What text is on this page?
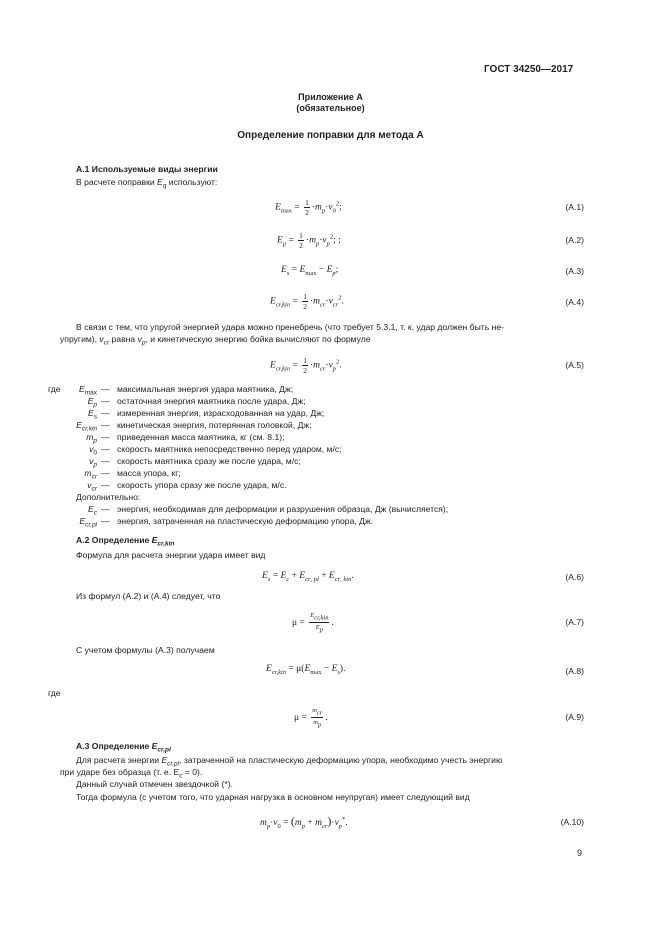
ГОСТ 34250—2017
Приложение А
(обязательное)
Определение поправки для метода А
А.1 Используемые виды энергии
В расчете поправки $E_q$ используют:
$E_{max} = \frac{1}{2} \cdot m_p\cdot v_0^2$;	(А.1)
$E_p = \frac{1}{2} \cdot m_p\cdot v_p^2$; ;	(А.2)
$E_s = E_{max} - E_p$;	(А.3)
$E_{cr,kin} = \frac{1}{2} \cdot m_{cr}\cdot v_{cr}^2$.	(А.4)
В связи с тем, что упругой энергией удара можно пренебречь (что требует 5.3.1, т. к. удар должен быть не-
упругим), $v_{cr}$ равна $v_p$, и кинетическую энергию бойка вычисляют по формуле
$E_{cr,kin} = \frac{1}{2} \cdot m_{cr}\cdot v_p^2$.	(А.5)
где	$E_{max}$ — максимальная энергия удара маятника, Дж;
$E_p$ — остаточная энергия маятника после удара, Дж;
$E_s$ — измеренная энергия, израсходованная на удар, Дж;
$E_{cr,kin}$ — кинетическая энергия, потерянная головкой, Дж;
$m_p$ — приведенная масса маятника, кг (см. 8.1);
$v_0$ — скорость маятника непосредственно перед ударом, м/с;
$v_p$ — скорость маятника сразу же после удара, м/с;
$m_{cr}$ — масса упора, кг;
$v_{cr}$ — скорость упора сразу же после удара, м/с.
Дополнительно:
$E_c$ — энергия, необходимая для деформации и разрушения образца, Дж (вычисляется);
$E_{cr,pl}$ — энергия, затраченная на пластическую деформацию упора, Дж.
А.2 Определение $E_{cr,kin}$
Формула для расчета энергии удара имеет вид
$E_s = E_c + E_{cr, pl} + E_{cr, kin}$.	(А.6)
Из формул (А.2) и (А.4) следует, что
$\mu = \frac{E_{cr,kin}}{E_p}$ .	(А.7)
С учетом формулы (А.3) получаем
$E_{cr,kin} = \mu(E_{max} - E_s)$.	(А.8)
где
$\mu = \frac{m_{cr}}{m_p}$ .	(А.9)
А.3 Определение $E_{cr,pl}$
Для расчета энергии $E_{cr,pl}$, затраченной на пластическую деформацию упора, необходимо учесть энергию
при ударе без образца (т. е. $E_c = 0$).
Данный случай отмечен звездочкой (*).
Тогда формула (с учетом того, что ударная нагрузка в основном неупругая) имеет следующий вид
$m_p\cdot v_0 = (m_p + m_{cr})\cdot v_p^*$.	(А.10)
9
